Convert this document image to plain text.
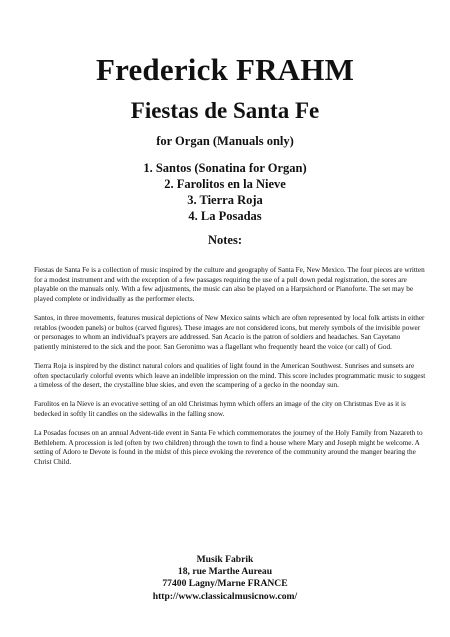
Frederick FRAHM
Fiestas de Santa Fe
for Organ (Manuals only)
1. Santos (Sonatina for Organ)
2. Farolitos en la Nieve
3. Tierra Roja
4. La Posadas
Notes:

Fiestas de Santa Fe is a collection of music inspired by the culture and geography of Santa Fe, New Mexico. The four pieces are written for a modest instrument and with the exception of a few passages requiring the use of a pull down pedal registration, the sores are playable on the manuals only. With a few adjustments, the music can also be played on a Harpsichord or Pianoforte. The set may be played complete or individually as the performer elects.

Santos, in three movements, features musical depictions of New Mexico saints which are often represented by local folk artists in either retablos (wooden panels) or bultos (carved figures). These images are not considered icons, but merely symbols of the invisible power or personages to whom an individual's prayers are addressed. San Acacio is the patron of soldiers and headaches. San Cayetano patiently ministered to the sick and the poor. San Geronimo was a flagellant who frequently heard the voice (or call) of God.

Tierra Roja is inspired by the distinct natural colors and qualities of light found in the American Southwest. Sunrises and sunsets are often spectacularly colorful events which leave an indelible impression on the mind. This score includes programmatic music to suggest a timeless of the desert, the crystalline blue skies, and even the scampering of a gecko in the noonday sun.

Farolitos en la Nieve is an evocative setting of an old Christmas hymn which offers an image of the city on Christmas Eve as it is bedecked in softly lit candles on the sidewalks in the falling snow.

La Posadas focuses on an annual Advent-tide event in Santa Fe which commemorates the journey of the Holy Family from Nazareth to Bethlehem. A procession is led (often by two children) through the town to find a house where Mary and Joseph might be welcome. A setting of Adoro te Devote is found in the midst of this piece evoking the reverence of the community around the manger bearing the Christ Child.

Musik Fabrik
18, rue Marthe Aureau
77400 Lagny/Marne FRANCE
http://www.classicalmusicnow.com/
